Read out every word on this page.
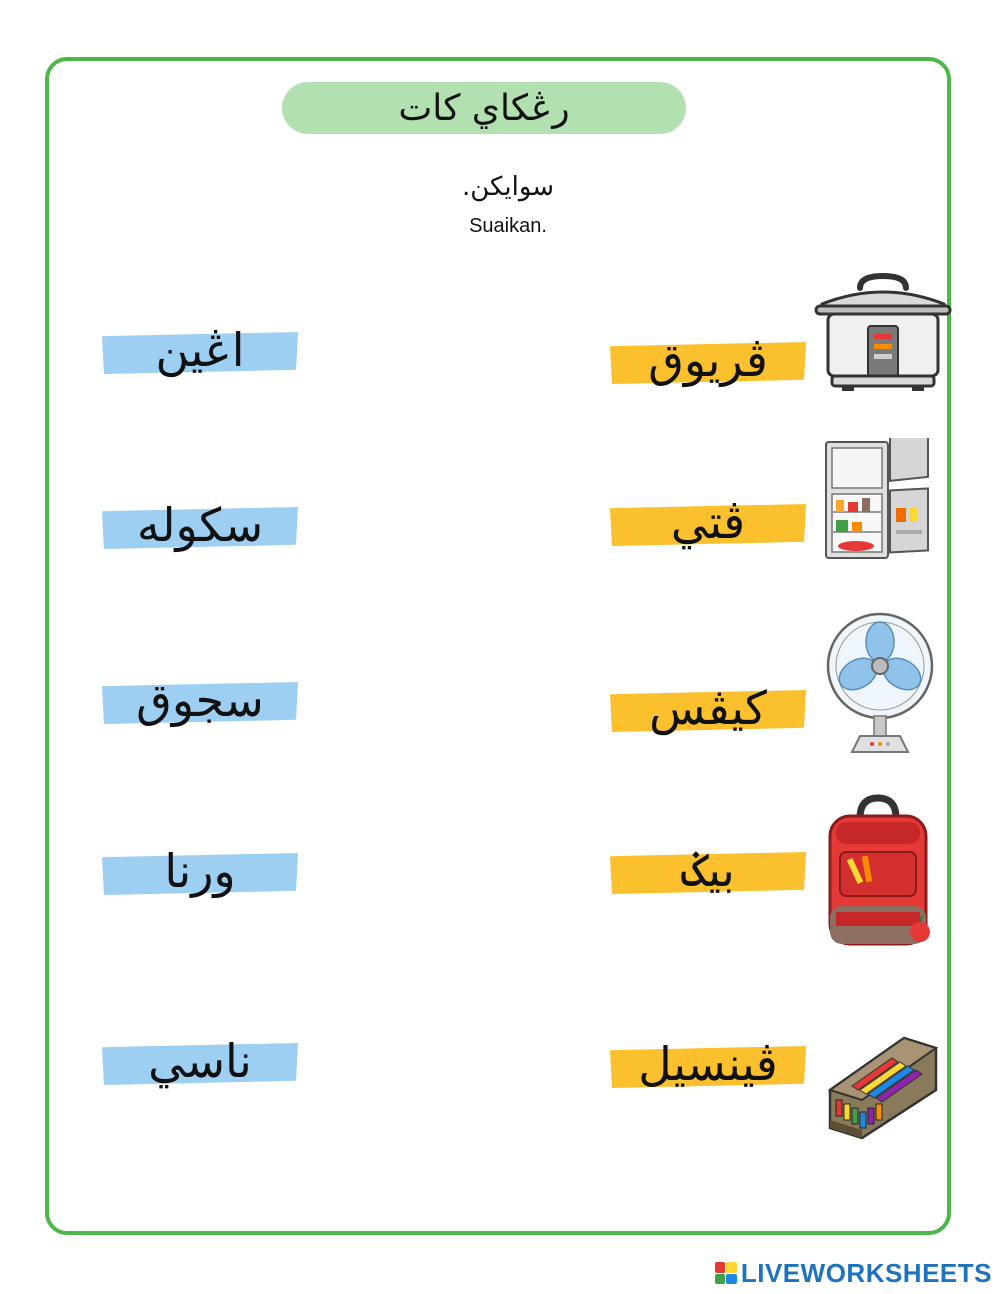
رڠکاي کات
سوايکن.
Suaikan.
اڠين
سکوله
سجوق
ورنا
ناسي
ڤريوق
ڤتي
کيڤس
بيݢ
ڤينسيل
LIVEWORKSHEETS
